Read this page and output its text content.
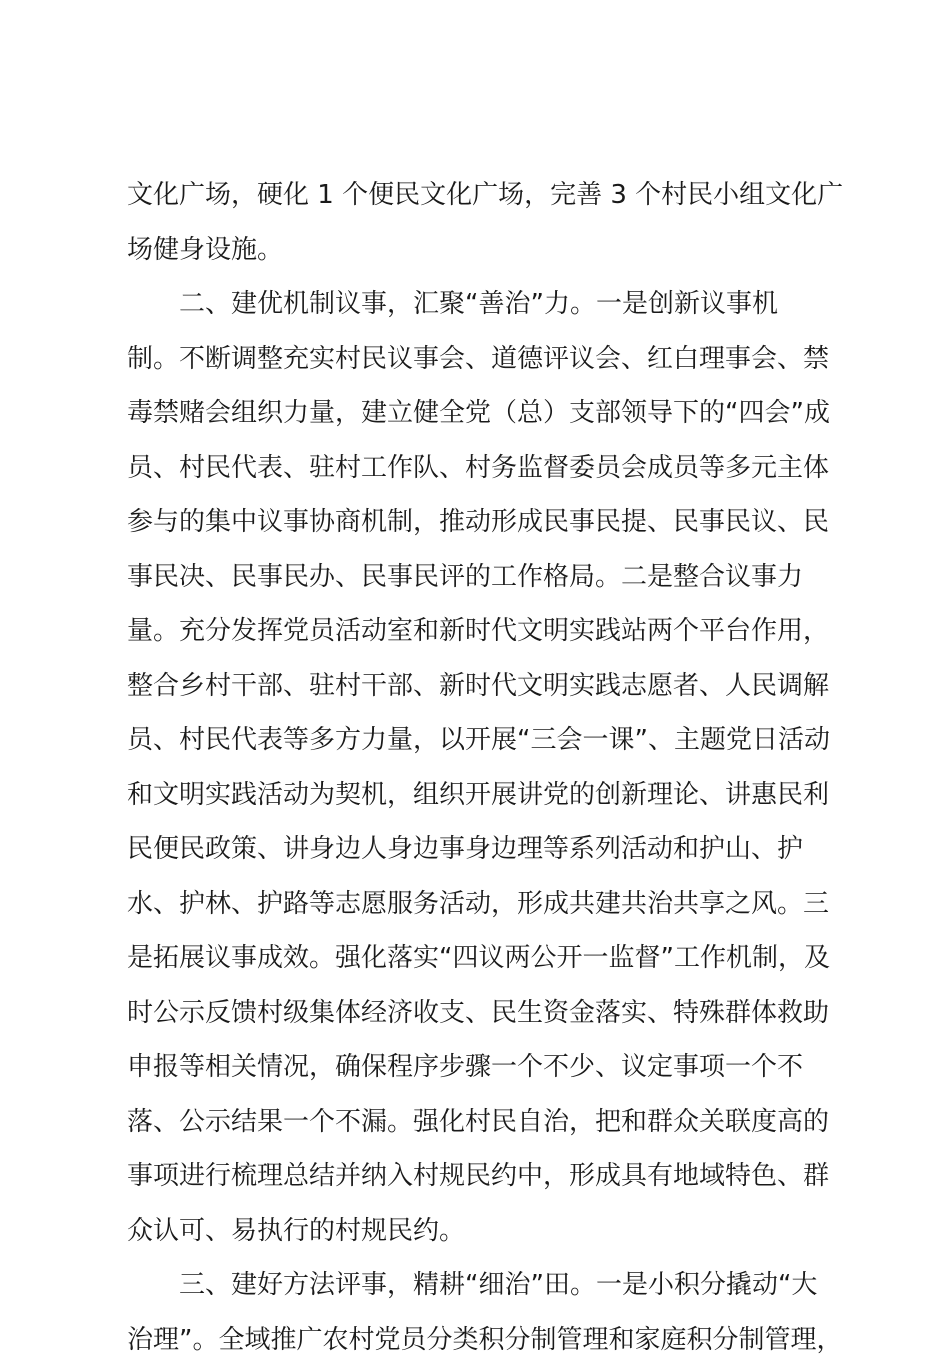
文化广场，硬化 1 个便民文化广场，完善 3 个村民小组文化广
场健身设施。
二、建优机制议事，汇聚“善治”力。一是创新议事机
制。不断调整充实村民议事会、道德评议会、红白理事会、禁
毒禁赌会组织力量，建立健全党（总）支部领导下的“四会”成
员、村民代表、驻村工作队、村务监督委员会成员等多元主体
参与的集中议事协商机制，推动形成民事民提、民事民议、民
事民决、民事民办、民事民评的工作格局。二是整合议事力
量。充分发挥党员活动室和新时代文明实践站两个平台作用，
整合乡村干部、驻村干部、新时代文明实践志愿者、人民调解
员、村民代表等多方力量，以开展“三会一课”、主题党日活动
和文明实践活动为契机，组织开展讲党的创新理论、讲惠民利
民便民政策、讲身边人身边事身边理等系列活动和护山、护
水、护林、护路等志愿服务活动，形成共建共治共享之风。三
是拓展议事成效。强化落实“四议两公开一监督”工作机制，及
时公示反馈村级集体经济收支、民生资金落实、特殊群体救助
申报等相关情况，确保程序步骤一个不少、议定事项一个不
落、公示结果一个不漏。强化村民自治，把和群众关联度高的
事项进行梳理总结并纳入村规民约中，形成具有地域特色、群
众认可、易执行的村规民约。
三、建好方法评事，精耕“细治”田。一是小积分撬动“大
治理”。全域推广农村党员分类积分制管理和家庭积分制管理，
